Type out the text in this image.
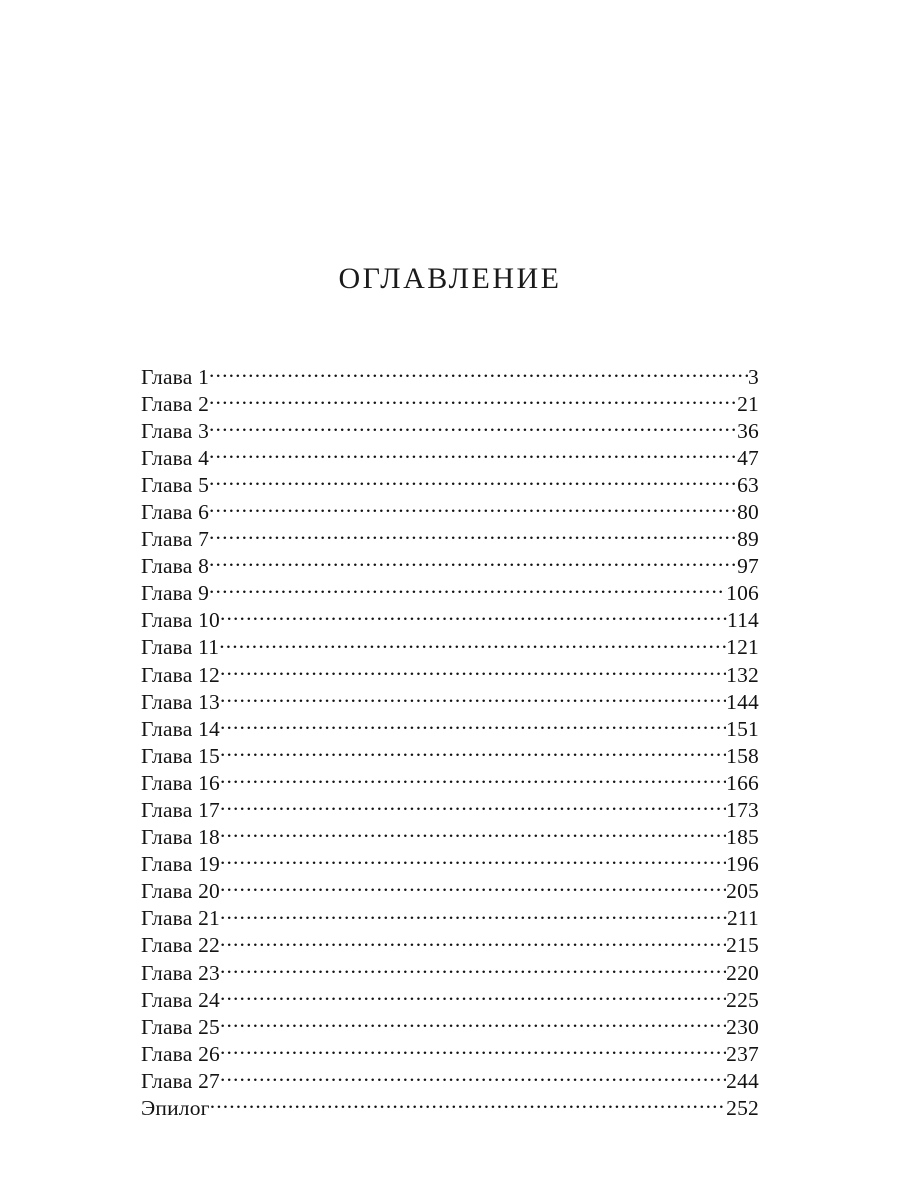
ОГЛАВЛЕНИЕ
Глава 1 .....	3
Глава 2 .....	21
Глава 3 .....	36
Глава 4 .....	47
Глава 5 .....	63
Глава 6 .....	80
Глава 7 .....	89
Глава 8 .....	97
Глава 9 .....	106
Глава 10 .....	114
Глава 11 .....	121
Глава 12 .....	132
Глава 13 .....	144
Глава 14 .....	151
Глава 15 .....	158
Глава 16 .....	166
Глава 17 .....	173
Глава 18 .....	185
Глава 19 .....	196
Глава 20 .....	205
Глава 21 .....	211
Глава 22 .....	215
Глава 23 .....	220
Глава 24 .....	225
Глава 25 .....	230
Глава 26 .....	237
Глава 27 .....	244
Эпилог .....	252
